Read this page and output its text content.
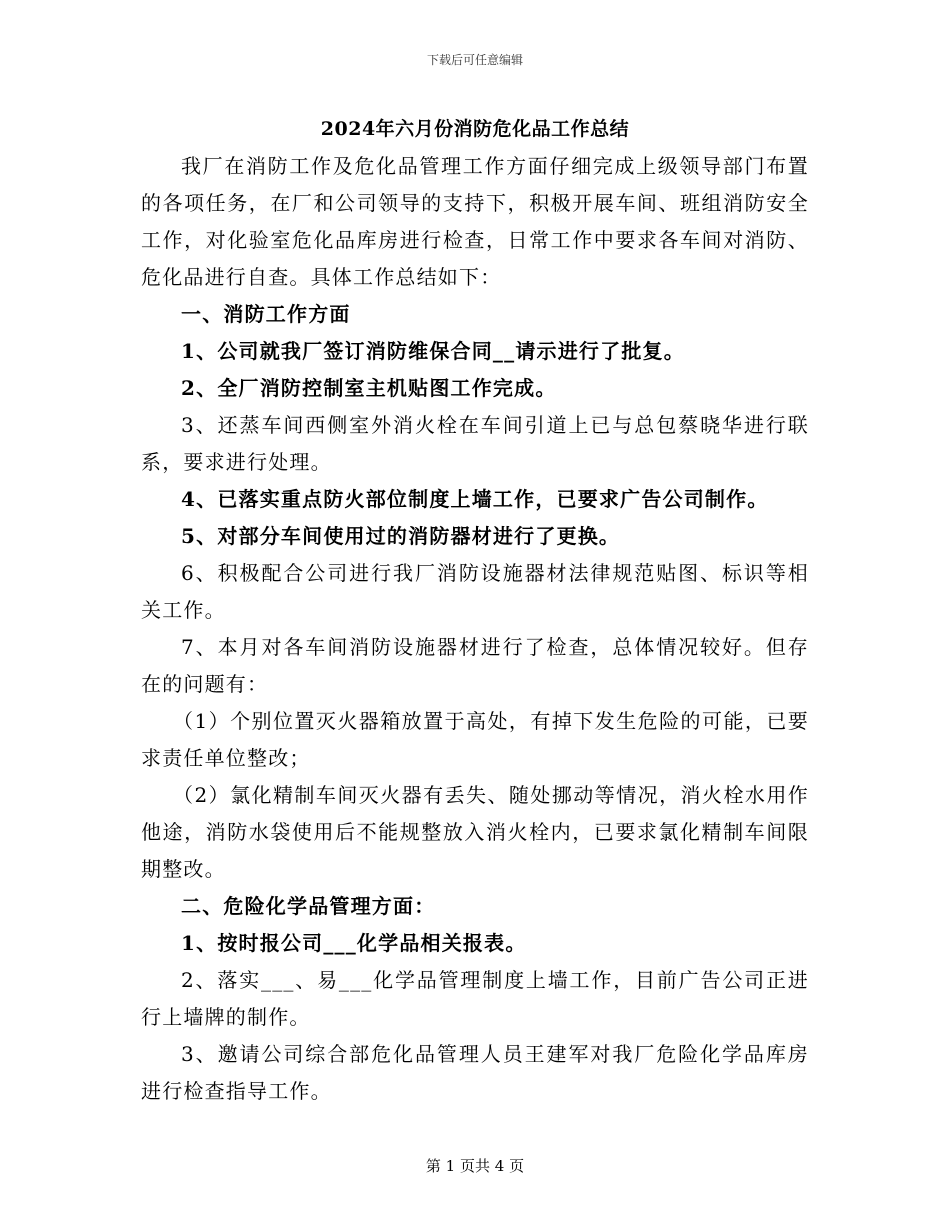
下载后可任意编辑
2024年六月份消防危化品工作总结

我厂在消防工作及危化品管理工作方面仔细完成上级领导部门布置的各项任务，在厂和公司领导的支持下，积极开展车间、班组消防安全工作，对化验室危化品库房进行检查，日常工作中要求各车间对消防、危化品进行自查。具体工作总结如下：

一、消防工作方面

1、公司就我厂签订消防维保合同__请示进行了批复。

2、全厂消防控制室主机贴图工作完成。

3、还蒸车间西侧室外消火栓在车间引道上已与总包蔡晓华进行联系，要求进行处理。

4、已落实重点防火部位制度上墙工作，已要求广告公司制作。

5、对部分车间使用过的消防器材进行了更换。

6、积极配合公司进行我厂消防设施器材法律规范贴图、标识等相关工作。

7、本月对各车间消防设施器材进行了检查，总体情况较好。但存在的问题有：

（1）个别位置灭火器箱放置于高处，有掉下发生危险的可能，已要求责任单位整改；

（2）氯化精制车间灭火器有丢失、随处挪动等情况，消火栓水用作他途，消防水袋使用后不能规整放入消火栓内，已要求氯化精制车间限期整改。

二、危险化学品管理方面：

1、按时报公司___化学品相关报表。

2、落实___、易___化学品管理制度上墙工作，目前广告公司正进行上墙牌的制作。

3、邀请公司综合部危化品管理人员王建军对我厂危险化学品库房进行检查指导工作。

第 1 页共 4 页
